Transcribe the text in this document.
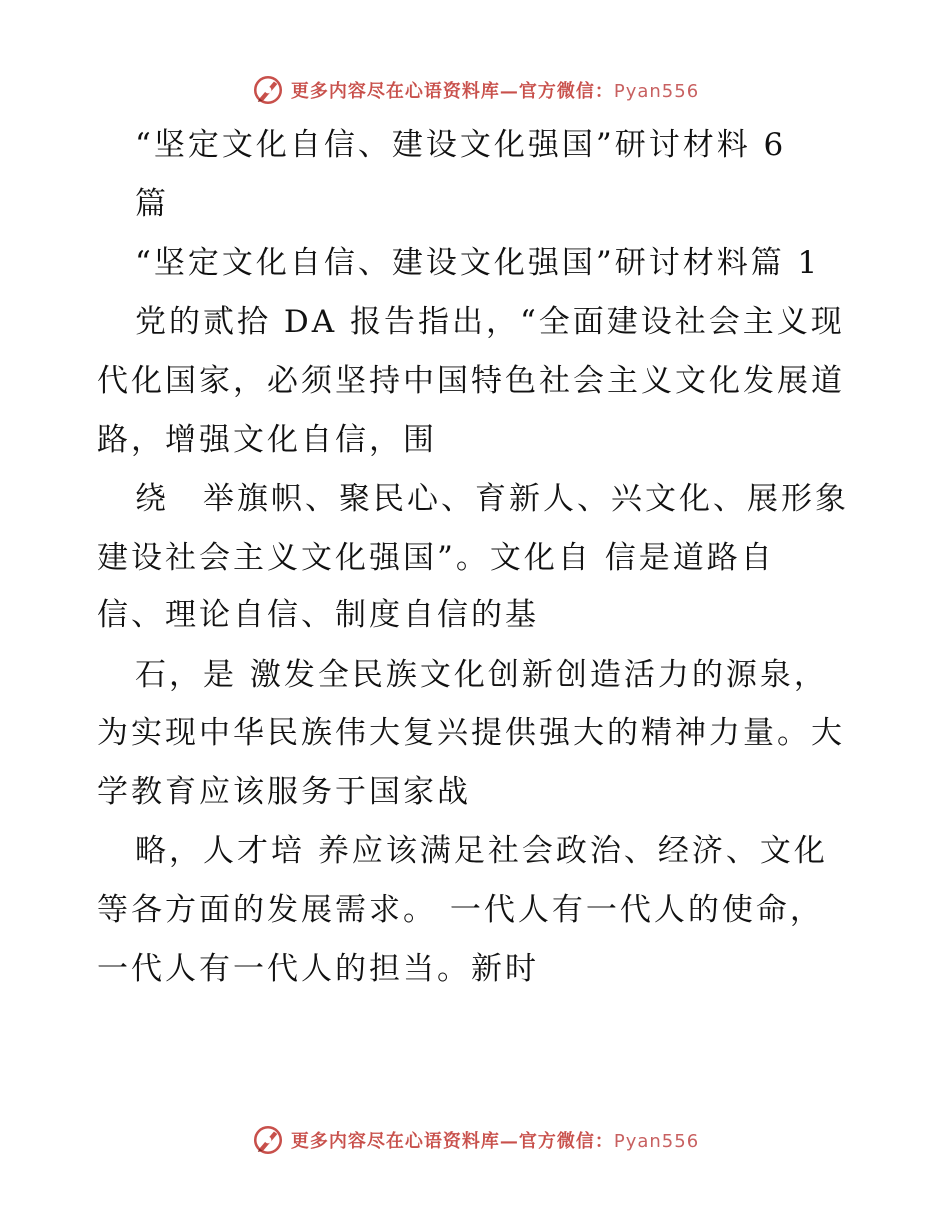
更多内容尽在心语资料库—官方微信：Pyan556
“坚定文化自信、建设文化强国”研讨材料 6
篇
“坚定文化自信、建设文化强国”研讨材料篇 1
党的贰拾 DA 报告指出，“全面建设社会主义现
代化国家，必须坚持中国特色社会主义文化发展道
路，增强文化自信，围
绕　举旗帜、聚民心、育新人、兴文化、展形象
建设社会主义文化强国”。文化自 信是道路自
信、理论自信、制度自信的基
石，是 激发全民族文化创新创造活力的源泉，
为实现中华民族伟大复兴提供强大的精神力量。大
学教育应该服务于国家战
略，人才培 养应该满足社会政治、经济、文化
等各方面的发展需求。 一代人有一代人的使命，
一代人有一代人的担当。新时
更多内容尽在心语资料库—官方微信：Pyan556
